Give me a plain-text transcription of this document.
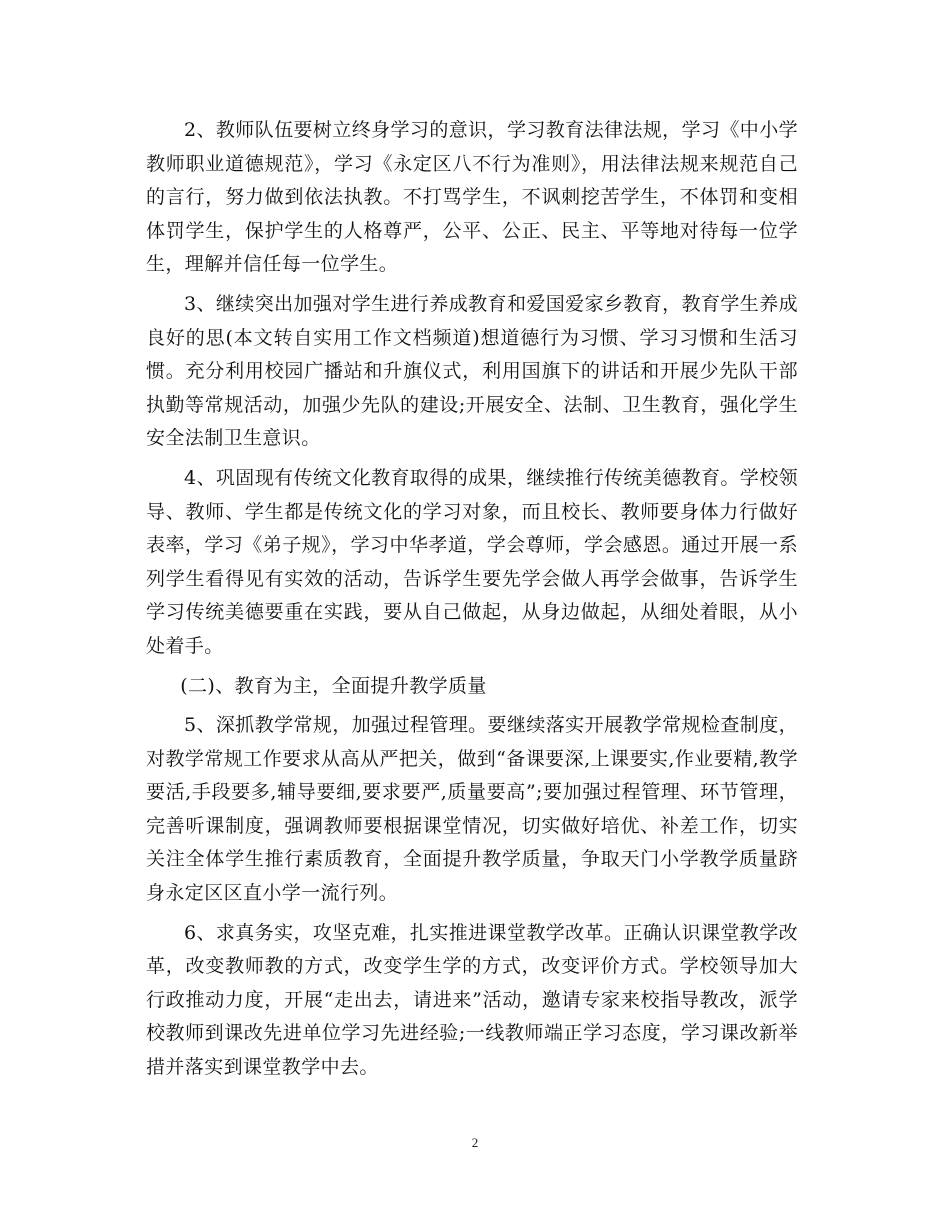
2、教师队伍要树立终身学习的意识，学习教育法律法规，学习《中小学教师职业道德规范》，学习《永定区八不行为准则》，用法律法规来规范自己的言行，努力做到依法执教。不打骂学生，不讽刺挖苦学生，不体罚和变相体罚学生，保护学生的人格尊严，公平、公正、民主、平等地对待每一位学生，理解并信任每一位学生。

3、继续突出加强对学生进行养成教育和爱国爱家乡教育，教育学生养成良好的思(本文转自实用工作文档频道)想道德行为习惯、学习习惯和生活习惯。充分利用校园广播站和升旗仪式，利用国旗下的讲话和开展少先队干部执勤等常规活动，加强少先队的建设;开展安全、法制、卫生教育，强化学生安全法制卫生意识。

4、巩固现有传统文化教育取得的成果，继续推行传统美德教育。学校领导、教师、学生都是传统文化的学习对象，而且校长、教师要身体力行做好表率，学习《弟子规》，学习中华孝道，学会尊师，学会感恩。通过开展一系列学生看得见有实效的活动，告诉学生要先学会做人再学会做事，告诉学生学习传统美德要重在实践，要从自己做起，从身边做起，从细处着眼，从小处着手。

(二)、教育为主，全面提升教学质量

5、深抓教学常规，加强过程管理。要继续落实开展教学常规检查制度，对教学常规工作要求从高从严把关，做到“备课要深,上课要实,作业要精,教学要活,手段要多,辅导要细,要求要严,质量要高”;要加强过程管理、环节管理，完善听课制度，强调教师要根据课堂情况，切实做好培优、补差工作，切实关注全体学生推行素质教育，全面提升教学质量，争取天门小学教学质量跻身永定区区直小学一流行列。

6、求真务实，攻坚克难，扎实推进课堂教学改革。正确认识课堂教学改革，改变教师教的方式，改变学生学的方式，改变评价方式。学校领导加大行政推动力度，开展“走出去，请进来”活动，邀请专家来校指导教改，派学校教师到课改先进单位学习先进经验;一线教师端正学习态度，学习课改新举措并落实到课堂教学中去。

2
